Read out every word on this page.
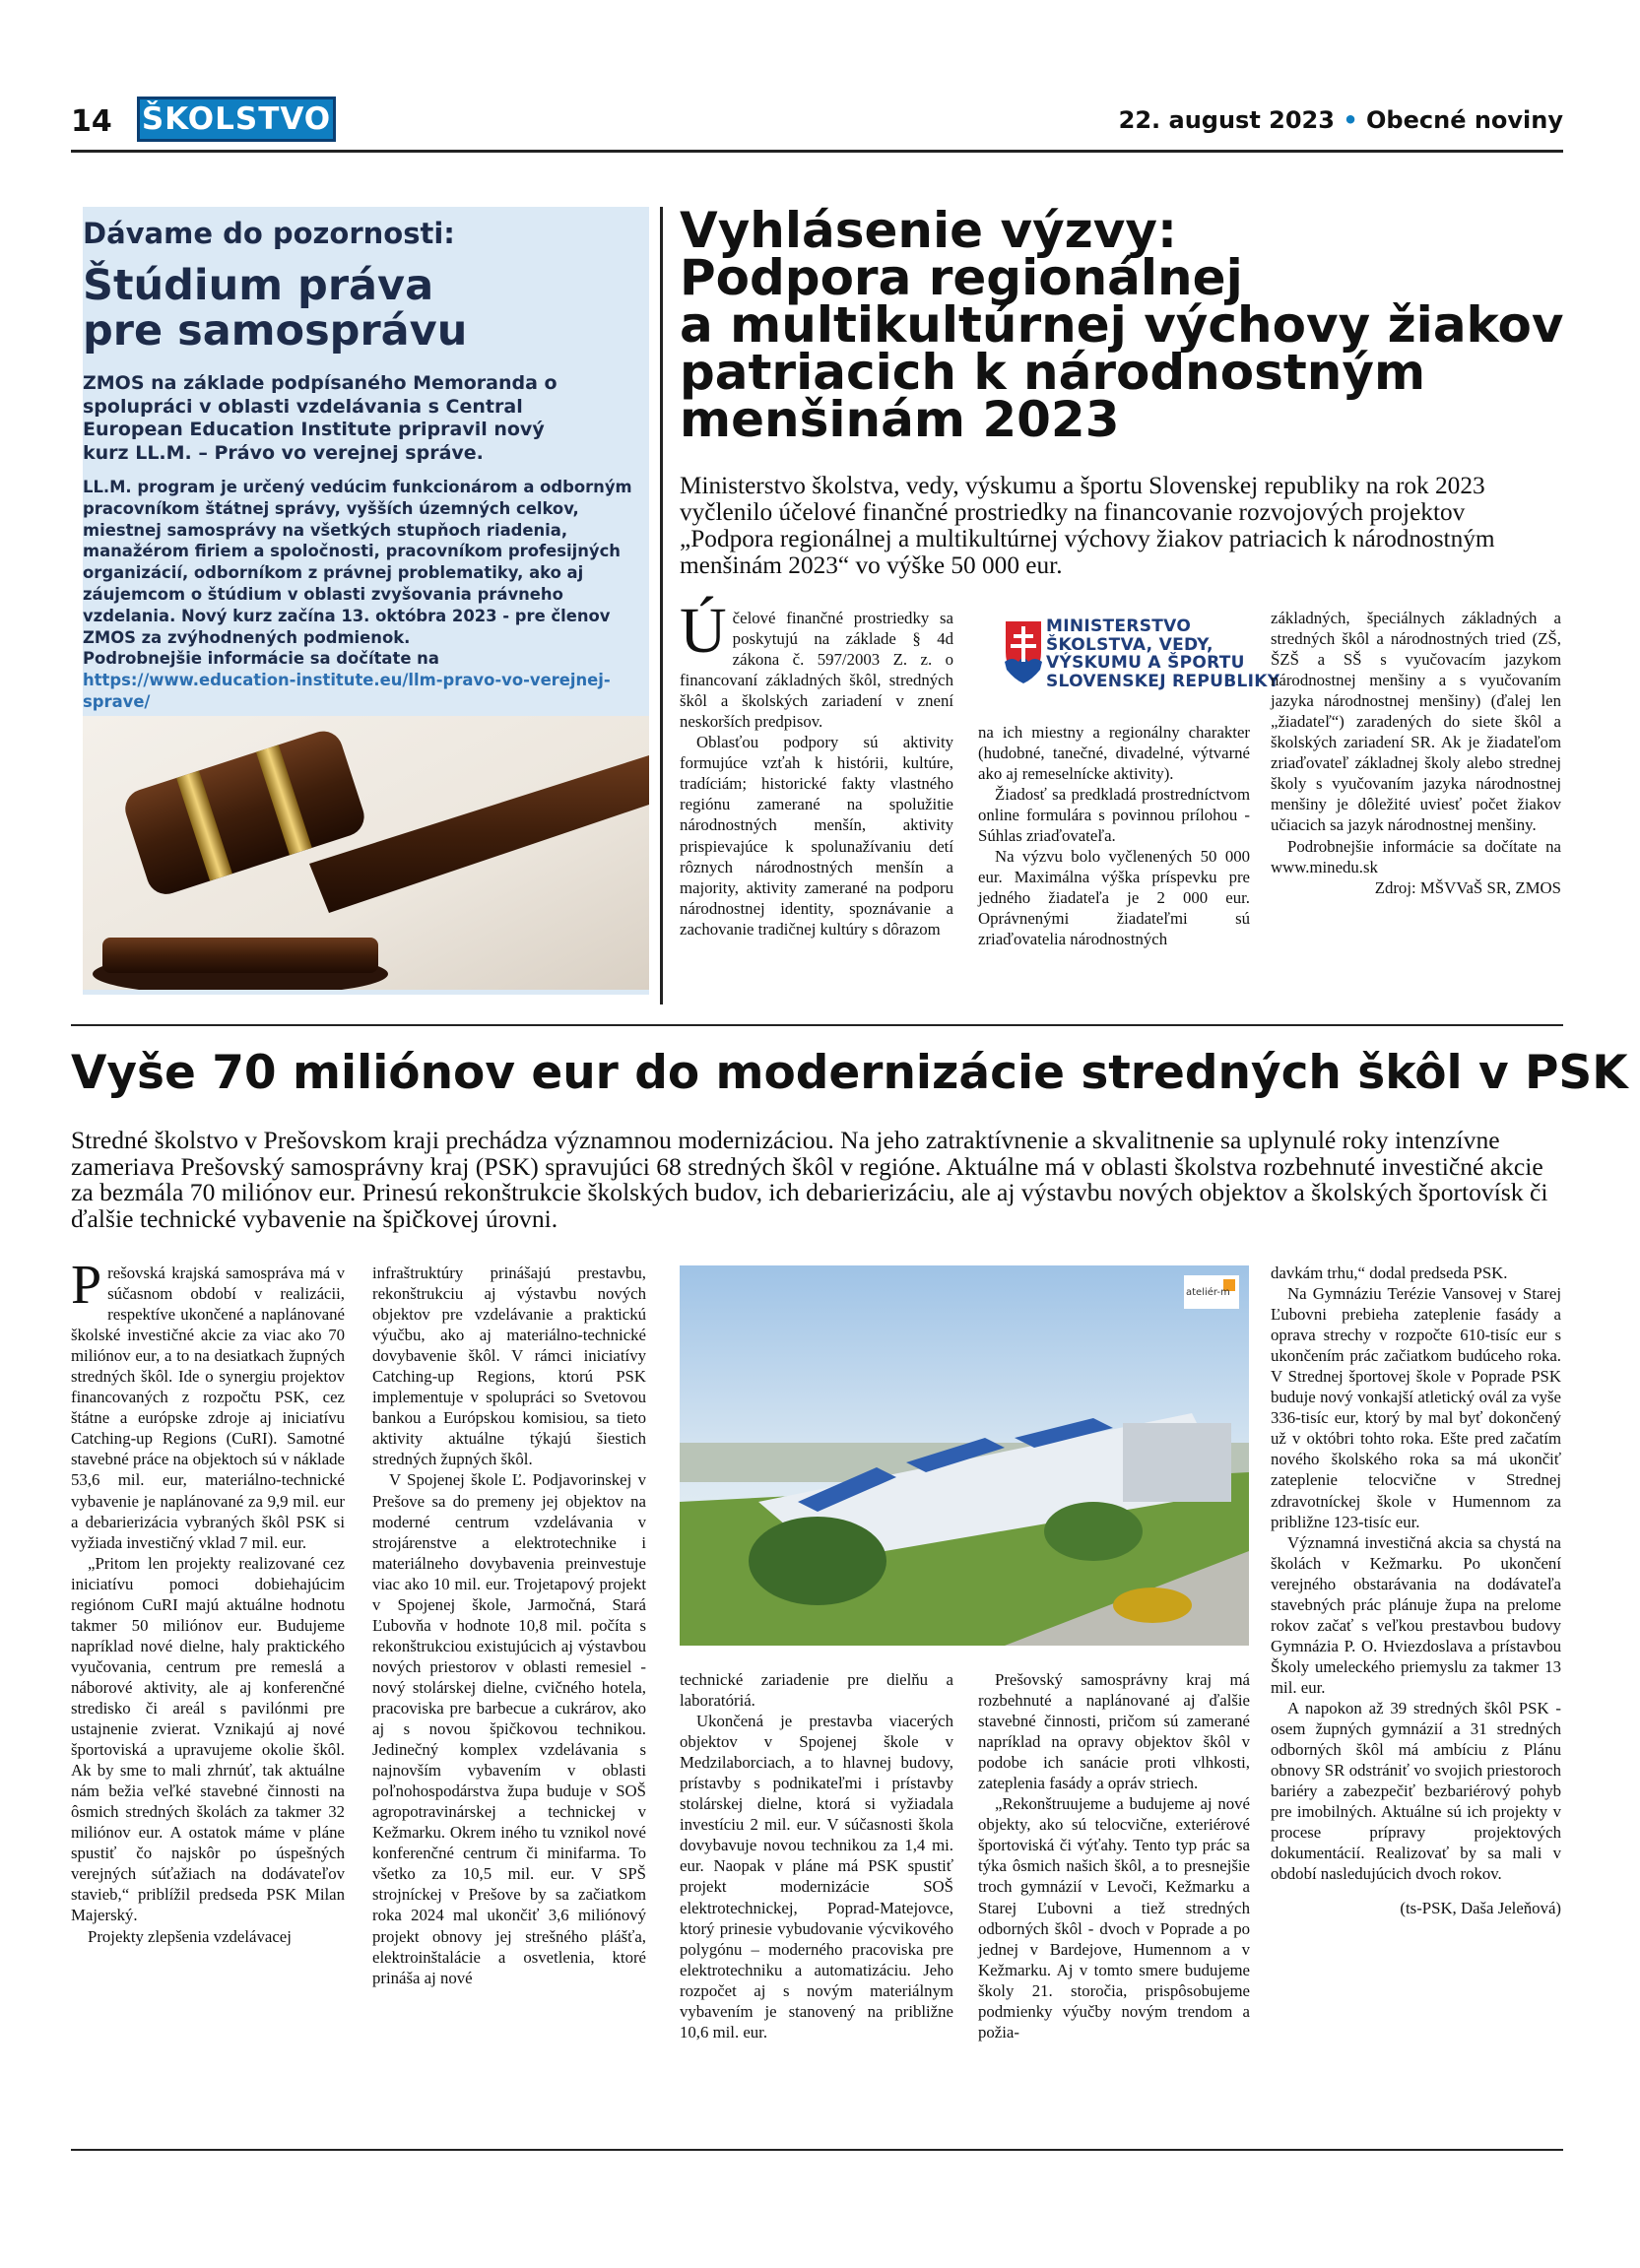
14 ŠKOLSTVO	22. august 2023 • Obecné noviny
Dávame do pozornosti:
Štúdium práva
pre samosprávu
ZMOS na základe podpísaného Memoranda o spolupráci v oblasti vzdelávania s Central European Education Institute pripravil nový kurz LL.M. – Právo vo verejnej správe.
LL.M. program je určený vedúcim funkcionárom a odborným pracovníkom štátnej správy, vyšších územných celkov, miestnej samosprávy na všetkých stupňoch riadenia, manažérom firiem a spoločnosti, pracovníkom profesijných organizácií, odborníkom z právnej problematiky, ako aj záujemcom o štúdium v oblasti zvyšovania právneho vzdelania. Nový kurz začína 13. októbra 2023 - pre členov ZMOS za zvýhodnených podmienok.
Podrobnejšie informácie sa dočítate na
https://www.education-institute.eu/llm-pravo-vo-verejnej-sprave/
Vyhlásenie výzvy:
Podpora regionálnej
a multikultúrnej výchovy žiakov
patriacich k národnostným
menšinám 2023
Ministerstvo školstva, vedy, výskumu a športu Slovenskej republiky na rok 2023 vyčlenilo účelové finančné prostriedky na financovanie rozvojových projektov „Podpora regionálnej a multikultúrnej výchovy žiakov patriacich k národnostným menšinám 2023“ vo výške 50 000 eur.

Účelové finančné prostriedky sa poskytujú na základe § 4d zákona č. 597/2003 Z. z. o financovaní základných škôl, stredných škôl a školských zariadení v znení neskorších predpisov.

Oblasťou podpory sú aktivity formujúce vzťah k histórii, kultúre, tradíciám; historické fakty vlastného regiónu zamerané na spolužitie národnostných menšín, aktivity prispievajúce k spolunažívaniu detí rôznych národnostných menšín a majority, aktivity zamerané na podporu národnostnej identity, spoznávanie a zachovanie tradičnej kultúry s dôrazom

MINISTERSTVO
ŠKOLSTVA, VEDY,
VÝSKUMU A ŠPORTU
SLOVENSKEJ REPUBLIKY

na ich miestny a regionálny charakter (hudobné, tanečné, divadelné, výtvarné ako aj remeselnícke aktivity).

Žiadosť sa predkladá prostredníctvom online formulára s povinnou prílohou - Súhlas zriaďovateľa.

Na výzvu bolo vyčlenených 50 000 eur. Maximálna výška príspevku pre jedného žiadateľa je 2 000 eur. Oprávnenými žiadateľmi sú zriaďovatelia národnostných

základných, špeciálnych základných a stredných škôl a národnostných tried (ZŠ, ŠZŠ a SŠ s vyučovacím jazykom národnostnej menšiny a s vyučovaním jazyka národnostnej menšiny) (ďalej len „žiadateľ“) zaradených do siete škôl a školských zariadení SR. Ak je žiadateľom zriaďovateľ základnej školy alebo strednej školy s vyučovaním jazyka národnostnej menšiny je dôležité uviesť počet žiakov učiacich sa jazyk národnostnej menšiny.

Podrobnejšie informácie sa dočítate na www.minedu.sk

Zdroj: MŠVVaŠ SR, ZMOS

Vyše 70 miliónov eur do modernizácie stredných škôl v PSK
Stredné školstvo v Prešovskom kraji prechádza významnou modernizáciou. Na jeho zatraktívnenie a skvalitnenie sa uplynulé roky intenzívne zameriava Prešovský samosprávny kraj (PSK) spravujúci 68 stredných škôl v regióne. Aktuálne má v oblasti školstva rozbehnuté investičné akcie za bezmála 70 miliónov eur. Prinesú rekonštrukcie školských budov, ich debarierizáciu, ale aj výstavbu nových objektov a školských športovísk či ďalšie technické vybavenie na špičkovej úrovni.

Prešovská krajská samospráva má v súčasnom období v realizácii, respektíve ukončené a naplánované školské investičné akcie za viac ako 70 miliónov eur, a to na desiatkach župných stredných škôl. Ide o synergiu projektov financovaných z rozpočtu PSK, cez štátne a európske zdroje aj iniciatívu Catching-up Regions (CuRI). Samotné stavebné práce na objektoch sú v náklade 53,6 mil. eur, materiálno-technické vybavenie je naplánované za 9,9 mil. eur a debarierizácia vybraných škôl PSK si vyžiada investičný vklad 7 mil. eur.

„Pritom len projekty realizované cez iniciatívu pomoci dobiehajúcim regiónom CuRI majú aktuálne hodnotu takmer 50 miliónov eur. Budujeme napríklad nové dielne, haly praktického vyučovania, centrum pre remeslá a náborové aktivity, ale aj konferenčné stredisko či areál s pavilónmi pre ustajnenie zvierat. Vznikajú aj nové športoviská a upravujeme okolie škôl. Ak by sme to mali zhrnúť, tak aktuálne nám bežia veľké stavebné činnosti na ôsmich stredných školách za takmer 32 miliónov eur. A ostatok máme v pláne spustiť čo najskôr po úspešných verejných súťažiach na dodávateľov stavieb,“ priblížil predseda PSK Milan Majerský.

Projekty zlepšenia vzdelávacej

infraštruktúry prinášajú prestavbu, rekonštrukciu aj výstavbu nových objektov pre vzdelávanie a praktickú výučbu, ako aj materiálno-technické dovybavenie škôl. V rámci iniciatívy Catching-up Regions, ktorú PSK implementuje v spolupráci so Svetovou bankou a Európskou komisiou, sa tieto aktivity aktuálne týkajú šiestich stredných župných škôl.

V Spojenej škole Ľ. Podjavorinskej v Prešove sa do premeny jej objektov na moderné centrum vzdelávania v strojárenstve a elektrotechnike i materiálneho dovybavenia preinvestuje viac ako 10 mil. eur. Trojetapový projekt v Spojenej škole, Jarmočná, Stará Ľubovňa v hodnote 10,8 mil. počíta s rekonštrukciou existujúcich aj výstavbou nových priestorov v oblasti remesiel - nový stolárskej dielne, cvičného hotela, pracoviska pre barbecue a cukrárov, ako aj s novou špičkovou technikou. Jedinečný komplex vzdelávania s najnovším vybavením v oblasti poľnohospodárstva župa buduje v SOŠ agropotravinárskej a technickej v Kežmarku. Okrem iného tu vznikol nové konferenčné centrum či minifarma. To všetko za 10,5 mil. eur. V SPŠ strojníckej v Prešove by sa začiatkom roka 2024 mal ukončiť 3,6 miliónový projekt obnovy jej strešného plášťa, elektroinštalácie a osvetlenia, ktoré prináša aj nové

ateliér-m

technické zariadenie pre dielňu a laboratóriá.

Ukončená je prestavba viacerých objektov v Spojenej škole v Medzilaborciach, a to hlavnej budovy, prístavby s podnikateľmi i prístavby stolárskej dielne, ktorá si vyžiadala investíciu 2 mil. eur. V súčasnosti škola dovybavuje novou technikou za 1,4 mi. eur. Naopak v pláne má PSK spustiť projekt modernizácie SOŠ elektrotechnickej, Poprad-Matejovce, ktorý prinesie vybudovanie výcvikového polygónu – moderného pracoviska pre elektrotechniku a automatizáciu. Jeho rozpočet aj s novým materiálnym vybavením je stanovený na približne 10,6 mil. eur.

Prešovský samosprávny kraj má rozbehnuté a naplánované aj ďalšie stavebné činnosti, pričom sú zamerané napríklad na opravy objektov škôl v podobe ich sanácie proti vlhkosti, zateplenia fasády a opráv striech.

„Rekonštruujeme a budujeme aj nové objekty, ako sú telocvične, exteriérové športoviská či výťahy. Tento typ prác sa týka ôsmich našich škôl, a to presnejšie troch gymnázií v Levoči, Kežmarku a Starej Ľubovni a tiež stredných odborných škôl - dvoch v Poprade a po jednej v Bardejove, Humennom a v Kežmarku. Aj v tomto smere budujeme školy 21. storočia, prispôsobujeme podmienky výučby novým trendom a požia-

davkám trhu,“ dodal predseda PSK.

Na Gymnáziu Terézie Vansovej v Starej Ľubovni prebieha zateplenie fasády a oprava strechy v rozpočte 610-tisíc eur s ukončením prác začiatkom budúceho roka. V Strednej športovej škole v Poprade PSK buduje nový vonkajší atletický ovál za vyše 336-tisíc eur, ktorý by mal byť dokončený už v októbri tohto roka. Ešte pred začatím nového školského roka sa má ukončiť zateplenie telocvične v Strednej zdravotníckej škole v Humennom za približne 123-tisíc eur.

Významná investičná akcia sa chystá na školách v Kežmarku. Po ukončení verejného obstarávania na dodávateľa stavebných prác plánuje župa na prelome rokov začať s veľkou prestavbou budovy Gymnázia P. O. Hviezdoslava a prístavbou Školy umeleckého priemyslu za takmer 13 mil. eur.

A napokon až 39 stredných škôl PSK - osem župných gymnázií a 31 stredných odborných škôl má ambíciu z Plánu obnovy SR odstrániť vo svojich priestoroch bariéry a zabezpečiť bezbariérový pohyb pre imobilných. Aktuálne sú ich projekty v procese prípravy projektových dokumentácií. Realizovať by sa mali v období nasledujúcich dvoch rokov.

(ts-PSK, Daša Jeleňová)
